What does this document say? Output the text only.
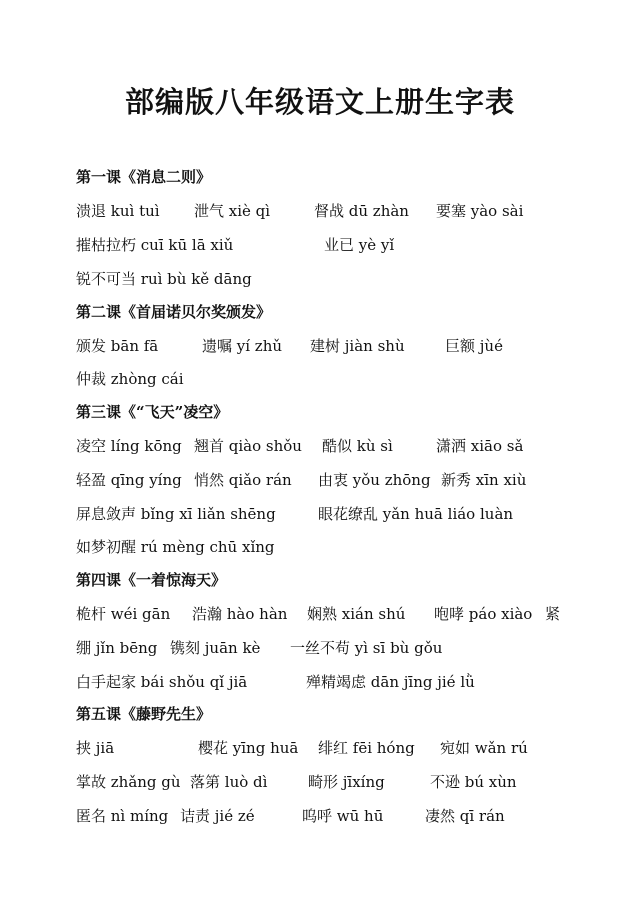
部编版八年级语文上册生字表
第一课《消息二则》
溃退 kuì tuì 泄气 xiè qì	督战 dū zhàn 要塞 yào sài
摧枯拉朽 cuī kū lā xiǔ	业已 yè yǐ
锐不可当 ruì bù kě dāng
第二课《首届诺贝尔奖颁发》
颁发 bān fā	遗嘱 yí zhǔ 建树 jiàn shù	巨额 jùé
仲裁 zhòng cái
第三课《“飞天”凌空》
凌空 líng kōng 翘首 qiào shǒu 酷似 kù sì	潇洒 xiāo sǎ
轻盈 qīng yíng 悄然 qiǎo rán 由衷 yǒu zhōng 新秀 xīn xiù
屏息敛声 bǐng xī liǎn shēng	眼花缭乱 yǎn huā liáo luàn
如梦初醒 rú mèng chū xǐng
第四课《一着惊海天》
桅杆 wéi gān 浩瀚 hào hàn 娴熟 xián shú 咆哮 páo xiào 紧
绷 jǐn bēng 镌刻 juān kè 一丝不苟 yì sī bù gǒu
白手起家 bái shǒu qǐ jiā	殚精竭虑 dān jīng jié lǜ
第五课《藤野先生》
挟 jiā	樱花 yīng huā 绯红 fēi hóng 宛如 wǎn rú
掌故 zhǎng gù 落第 luò dì	畸形 jīxíng	不逊 bú xùn
匿名 nì míng 诘责 jié zé	呜呼 wū hū	凄然 qī rán
